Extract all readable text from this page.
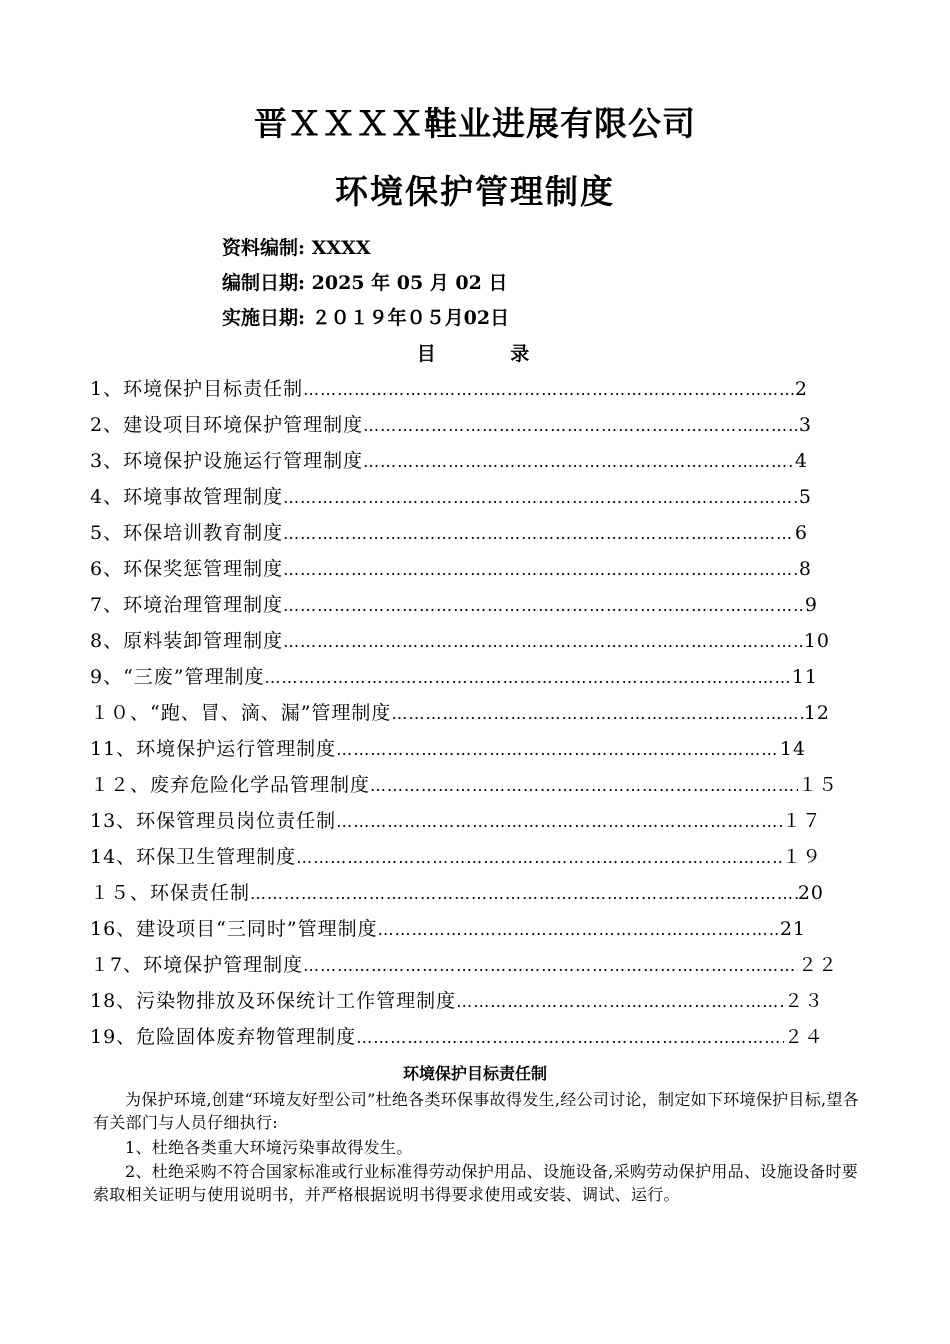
晋ＸＸＸＸ鞋业进展有限公司
环境保护管理制度
资料编制: XXXX
编制日期: 2025 年 05 月 02 日
实施日期: ２０１９年０５月02日
目 录
1、环境保护目标责任制 ……………………………………………………………………………………………………………………………………………………………………	2
2、建设项目环境保护管理制度 ……………………………………………………………………………………………………………………………………………………………………	3
3、环境保护设施运行管理制度 ……………………………………………………………………………………………………………………………………………………………………	4
4、环境事故管理制度 ……………………………………………………………………………………………………………………………………………………………………	5
5、环保培训教育制度 ……………………………………………………………………………………………………………………………………………………………………	6
6、环保奖惩管理制度 ……………………………………………………………………………………………………………………………………………………………………	8
7、环境治理管理制度 ……………………………………………………………………………………………………………………………………………………………………	9
8、原料装卸管理制度 ……………………………………………………………………………………………………………………………………………………………………	10
9、“三废”管理制度 ……………………………………………………………………………………………………………………………………………………………………	11
１０、“跑、冒、滴、漏”管理制度 ……………………………………………………………………………………………………………………………………………………………………	12
11、环境保护运行管理制度 ……………………………………………………………………………………………………………………………………………………………………	14
１２、废弃危险化学品管理制度 ……………………………………………………………………………………………………………………………………………………………………	１５
13、环保管理员岗位责任制 ……………………………………………………………………………………………………………………………………………………………………	１７
14、环保卫生管理制度 ……………………………………………………………………………………………………………………………………………………………………	１９
１５、环保责任制 ……………………………………………………………………………………………………………………………………………………………………	20
16、建设项目“三同时”管理制度 ……………………………………………………………………………………………………………………………………………………………………	21
１7、环境保护管理制度 ……………………………………………………………………………………………………………………………………………………………………	２２
18、污染物排放及环保统计工作管理制度 ……………………………………………………………………………………………………………………………………………………………………	２３
19、危险固体废弃物管理制度 ……………………………………………………………………………………………………………………………………………………………………	２４
环境保护目标责任制
为保护环境,创建“环境友好型公司”杜绝各类环保事故得发生,经公司讨论，制定如下环境保护目标,望各有关部门与人员仔细执行:
1、杜绝各类重大环境污染事故得发生。
2、杜绝采购不符合国家标准或行业标准得劳动保护用品、设施设备,采购劳动保护用品、设施设备时要索取相关证明与使用说明书，并严格根据说明书得要求使用或安装、调试、运行。
